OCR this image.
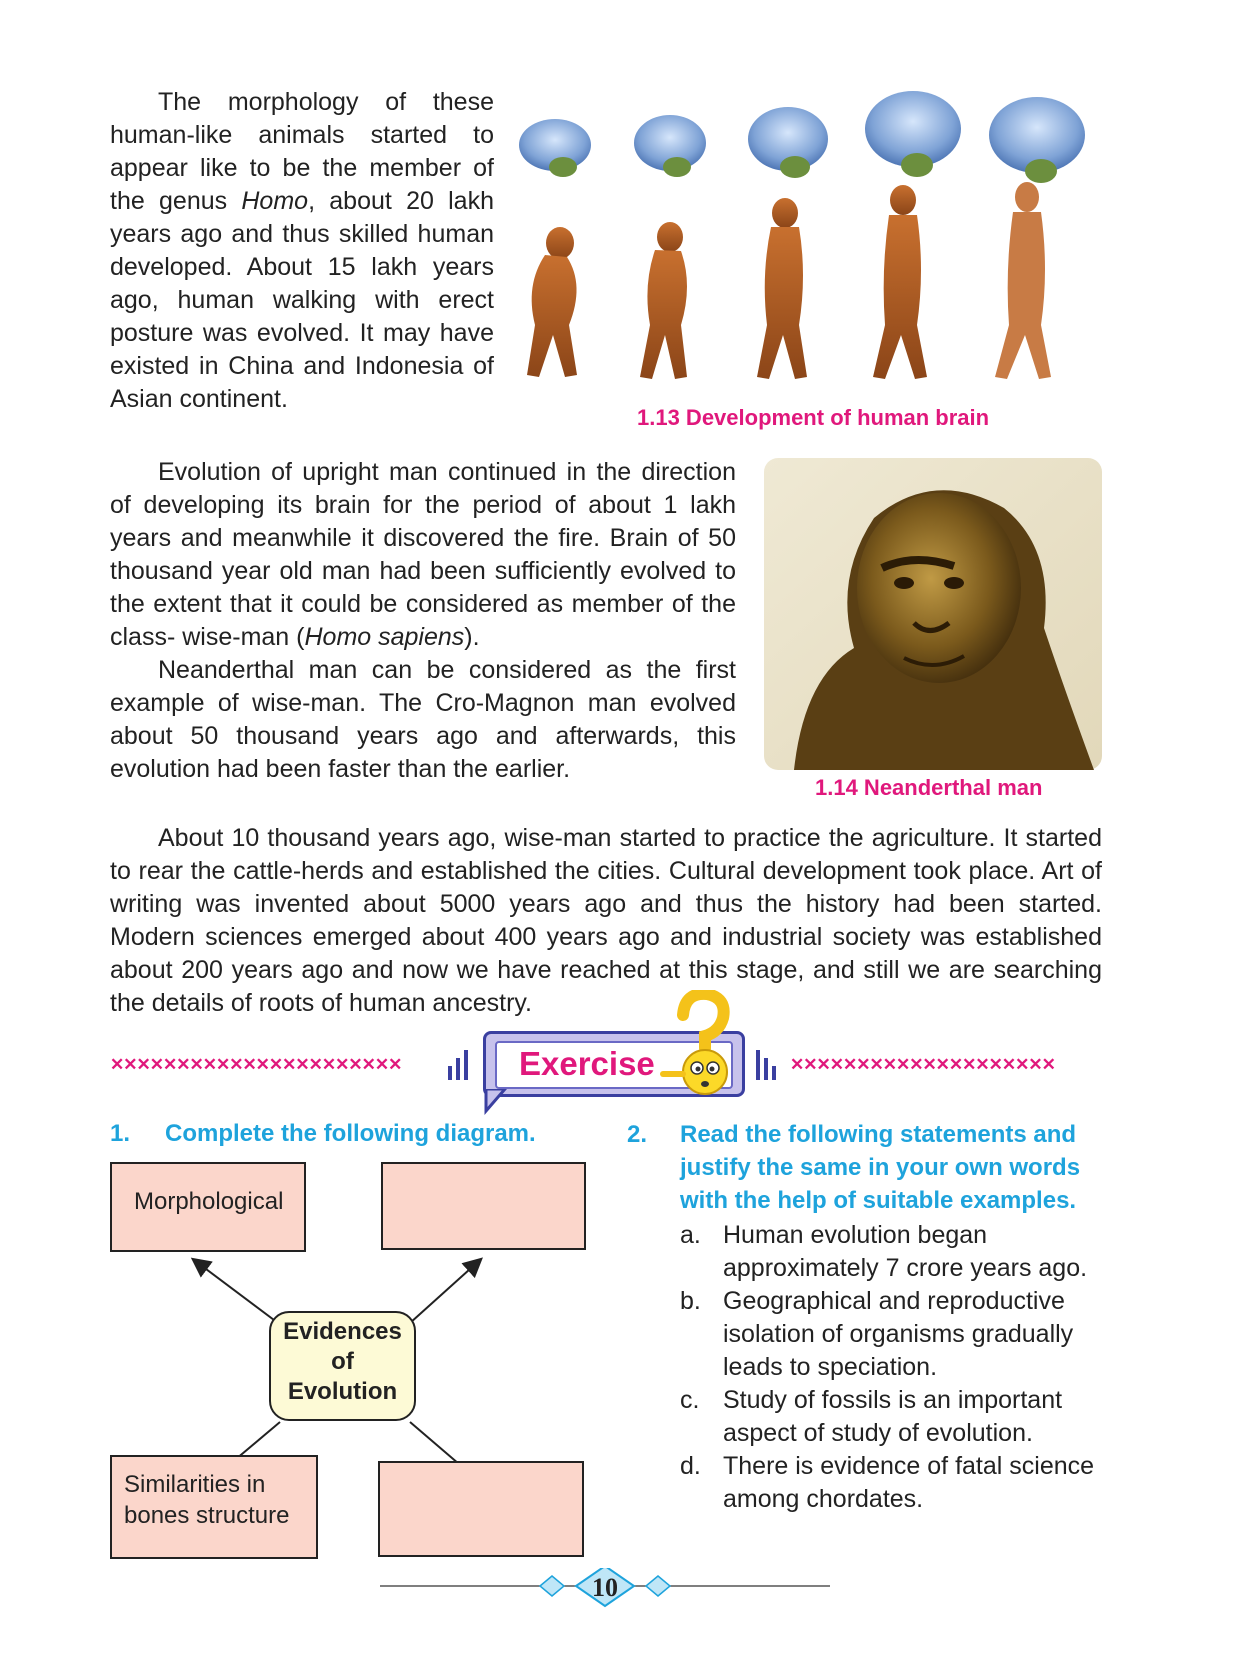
The morphology of these human-like animals started to appear like to be the member of the genus Homo, about 20 lakh years ago and thus skilled human developed. About 15 lakh years ago, human walking with erect posture was evolved. It may have existed in China and Indonesia of Asian continent.

1.13 Development of human brain

Evolution of upright man continued in the direction of developing its brain for the period of about 1 lakh years and meanwhile it discovered the fire. Brain of 50 thousand year old man had been sufficiently evolved to the extent that it could be considered as member of the class- wise-man (Homo sapiens).

Neanderthal man can be considered as the first example of wise-man. The Cro-Magnon man evolved about 50 thousand years ago and afterwards, this evolution had been faster than the earlier.

1.14 Neanderthal man

About 10 thousand years ago, wise-man started to practice the agriculture. It started to rear the cattle-herds and established the cities. Cultural development took place. Art of writing was invented about 5000 years ago and thus the history had been started. Modern sciences emerged about 400 years ago and industrial society was established about 200 years ago and now we have reached at this stage, and still we are searching the details of roots of human ancestry.

✕✕✕✕✕✕✕✕✕✕✕✕✕✕✕✕✕✕✕✕✕✕	Exercise	✕✕✕✕✕✕✕✕✕✕✕✕✕✕✕✕✕✕✕✕
1. Complete the following diagram.
Morphological
Similarities in bones structure
Evidences
of
Evolution
2.	Read the following statements and justify the same in your own words with the help of suitable examples.
a. Human evolution began approximately 7 crore years ago.
b. Geographical and reproductive isolation of organisms gradually leads to speciation.
c. Study of fossils is an important aspect of study of evolution.
d. There is evidence of fatal science among chordates.
10
